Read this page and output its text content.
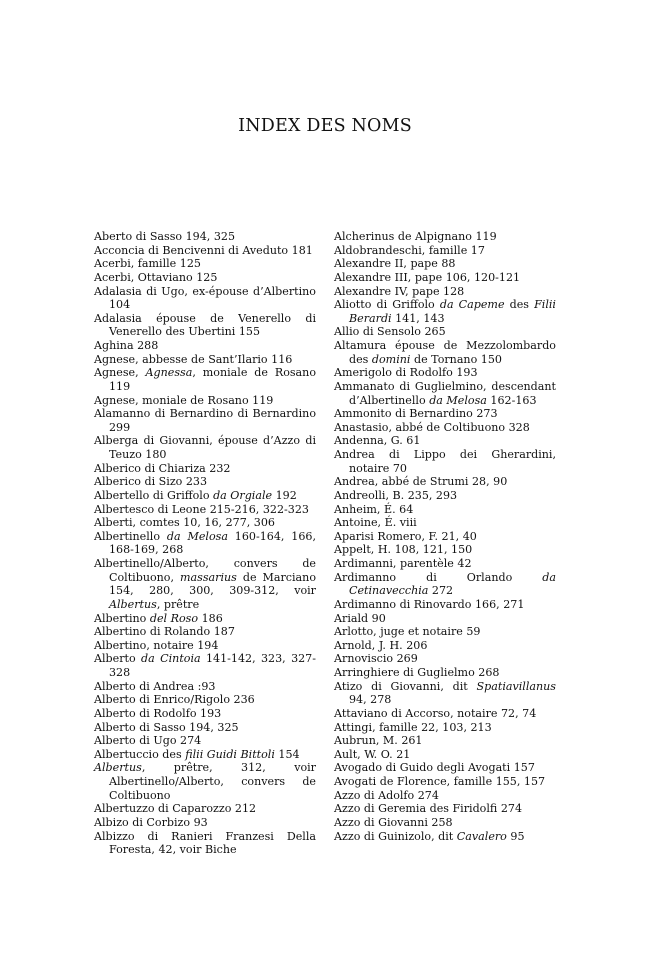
INDEX DES NOMS
Aberto di Sasso 194, 325
Acconcia di Bencivenni di Aveduto 181
Acerbi, famille 125
Acerbi, Ottaviano 125
Adalasia di Ugo, ex-épouse d’Albertino 104
Adalasia épouse de Venerello di Venerello des Ubertini 155
Aghina 288
Agnese, abbesse de Sant’Ilario 116
Agnese, Agnessa, moniale de Rosano 119
Agnese, moniale de Rosano 119
Alamanno di Bernardino di Bernardino 299
Alberga di Giovanni, épouse d’Azzo di Teuzo 180
Alberico di Chiariza 232
Alberico di Sizo 233
Albertello di Griffolo da Orgiale 192
Albertesco di Leone 215-216, 322-323
Alberti, comtes 10, 16, 277, 306
Albertinello da Melosa 160-164, 166, 168-169, 268
Albertinello/Alberto, convers de Coltibuono, massarius de Marciano 154, 280, 300, 309-312, voir Albertus, prêtre
Albertino del Roso 186
Albertino di Rolando 187
Albertino, notaire 194
Alberto da Cintoia 141-142, 323, 327-328
Alberto di Andrea :93
Alberto di Enrico/Rigolo 236
Alberto di Rodolfo 193
Alberto di Sasso 194, 325
Alberto di Ugo 274
Albertuccio des filii Guidi Bittoli 154
Albertus, prêtre, 312, voir Albertinello/Alberto, convers de Coltibuono
Albertuzzo di Caparozzo 212
Albizo di Corbizo 93
Albizzo di Ranieri Franzesi Della Foresta, 42, voir Biche
Alcherinus de Alpignano 119
Aldobrandeschi, famille 17
Alexandre II, pape 88
Alexandre III, pape 106, 120-121
Alexandre IV, pape 128
Aliotto di Griffolo da Capeme des Filii Berardi 141, 143
Allio di Sensolo 265
Altamura épouse de Mezzolombardo des domini de Tornano 150
Amerigolo di Rodolfo 193
Ammanato di Guglielmino, descendant d’Albertinello da Melosa 162-163
Ammonito di Bernardino 273
Anastasio, abbé de Coltibuono 328
Andenna, G. 61
Andrea di Lippo dei Gherardini, notaire 70
Andrea, abbé de Strumi 28, 90
Andreolli, B. 235, 293
Anheim, É. 64
Antoine, É. viii
Aparisi Romero, F. 21, 40
Appelt, H. 108, 121, 150
Ardimanni, parentèle 42
Ardimanno di Orlando da Cetinavecchia 272
Ardimanno di Rinovardo 166, 271
Ariald 90
Arlotto, juge et notaire 59
Arnold, J. H. 206
Arnoviscio 269
Arringhiere di Guglielmo 268
Atizo di Giovanni, dit Spatiavillanus 94, 278
Attaviano di Accorso, notaire 72, 74
Attingi, famille 22, 103, 213
Aubrun, M. 261
Ault, W. O. 21
Avogado di Guido degli Avogati 157
Avogati de Florence, famille 155, 157
Azzo di Adolfo 274
Azzo di Geremia des Firidolfi 274
Azzo di Giovanni 258
Azzo di Guinizolo, dit Cavalero 95
